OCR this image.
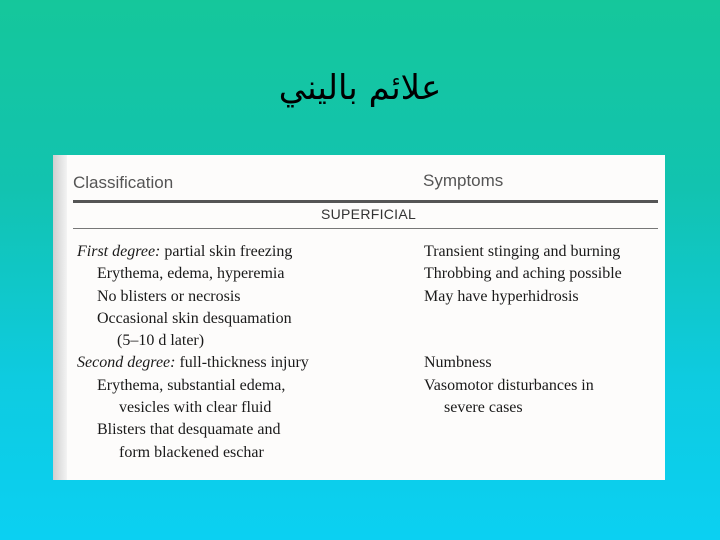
علائم باليني
Classification	Symptoms
SUPERFICIAL
First degree: partial skin freezing
Erythema, edema, hyperemia
No blisters or necrosis
Occasional skin desquamation
(5–10 d later)
Second degree: full-thickness injury
Erythema, substantial edema,
vesicles with clear fluid
Blisters that desquamate and
form blackened eschar
Transient stinging and burning
Throbbing and aching possible
May have hyperhidrosis

Numbness
Vasomotor disturbances in
severe cases
